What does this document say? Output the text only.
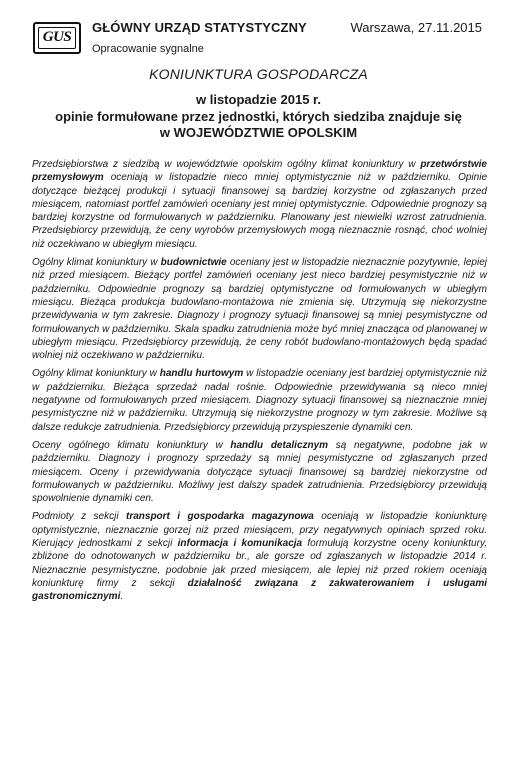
GUS
GŁÓWNY URZĄD STATYSTYCZNY	Warszawa, 27.11.2015
Opracowanie sygnalne
KONIUNKTURA GOSPODARCZA
w listopadzie 2015 r.
opinie formułowane przez jednostki, których siedziba znajduje się
w WOJEWÓDZTWIE OPOLSKIM

Przedsiębiorstwa z siedzibą w województwie opolskim ogólny klimat koniunktury w przetwórstwie przemysłowym oceniają w listopadzie nieco mniej optymistycznie niż w październiku. Opinie dotyczące bieżącej produkcji i sytuacji finansowej są bardziej korzystne od zgłaszanych przed miesiącem, natomiast portfel zamówień oceniany jest mniej optymistycznie. Odpowiednie prognozy są bardziej korzystne od formułowanych w październiku. Planowany jest niewielki wzrost zatrudnienia. Przedsiębiorcy przewidują, że ceny wyrobów przemysłowych mogą nieznacznie rosnąć, choć wolniej niż oczekiwano w ubiegłym miesiącu.

Ogólny klimat koniunktury w budownictwie oceniany jest w listopadzie nieznacznie pozytywnie, lepiej niż przed miesiącem. Bieżący portfel zamówień oceniany jest nieco bardziej pesymistycznie niż w październiku. Odpowiednie prognozy są bardziej optymistyczne od formułowanych w ubiegłym miesiącu. Bieżąca produkcja budowlano-montażowa nie zmienia się. Utrzymują się niekorzystne przewidywania w tym zakresie. Diagnozy i prognozy sytuacji finansowej są mniej pesymistyczne od formułowanych w październiku. Skala spadku zatrudnienia może być mniej znacząca od planowanej w ubiegłym miesiącu. Przedsiębiorcy przewidują, że ceny robót budowlano-montażowych będą spadać wolniej niż oczekiwano w październiku.

Ogólny klimat koniunktury w handlu hurtowym w listopadzie oceniany jest bardziej optymistycznie niż w październiku. Bieżąca sprzedaż nadal rośnie. Odpowiednie przewidywania są nieco mniej negatywne od formułowanych przed miesiącem. Diagnozy sytuacji finansowej są nieznacznie mniej pesymistyczne niż w październiku. Utrzymują się niekorzystne prognozy w tym zakresie. Możliwe są dalsze redukcje zatrudnienia. Przedsiębiorcy przewidują przyspieszenie dynamiki cen.

Oceny ogólnego klimatu koniunktury w handlu detalicznym są negatywne, podobne jak w październiku. Diagnozy i prognozy sprzedaży są mniej pesymistyczne od zgłaszanych przed miesiącem. Oceny i przewidywania dotyczące sytuacji finansowej są bardziej niekorzystne od formułowanych w październiku. Możliwy jest dalszy spadek zatrudnienia. Przedsiębiorcy przewidują spowolnienie dynamiki cen.

Podmioty z sekcji transport i gospodarka magazynowa oceniają w listopadzie koniunkturę optymistycznie, nieznacznie gorzej niż przed miesiącem, przy negatywnych opiniach sprzed roku. Kierujący jednostkami z sekcji informacja i komunikacja formułują korzystne oceny koniunktury, zbliżone do odnotowanych w październiku br., ale gorsze od zgłaszanych w listopadzie 2014 r. Nieznacznie pesymistyczne, podobnie jak przed miesiącem, ale lepiej niż przed rokiem oceniają koniunkturę firmy z sekcji działalność związana z zakwaterowaniem i usługami gastronomicznymi.
